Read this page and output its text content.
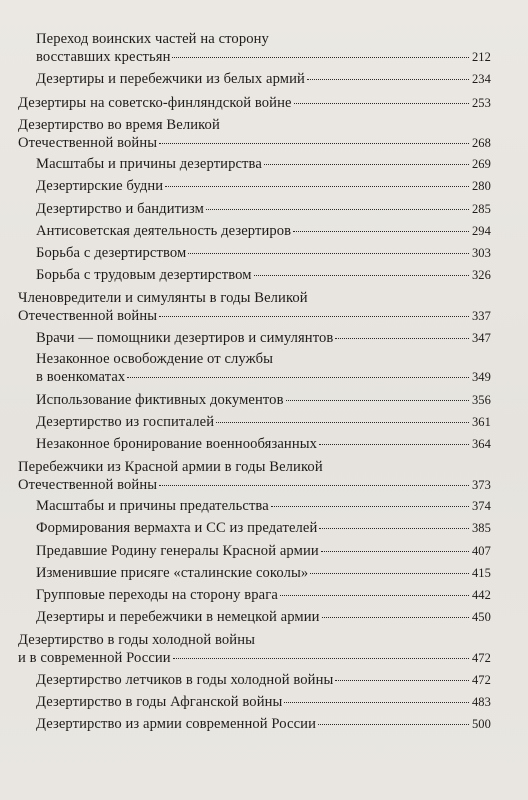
Переход воинских частей на сторону
восставших крестьян	212
Дезертиры и перебежчики из белых армий	234
Дезертиры на советско-финляндской войне	253
Дезертирство во время Великой
Отечественной войны	268
Масштабы и причины дезертирства	269
Дезертирские будни	280
Дезертирство и бандитизм	285
Антисоветская деятельность дезертиров	294
Борьба с дезертирством	303
Борьба с трудовым дезертирством	326
Членовредители и симулянты в годы Великой
Отечественной войны	337
Врачи — помощники дезертиров и симулянтов	347
Незаконное освобождение от службы
в военкоматах	349
Использование фиктивных документов	356
Дезертирство из госпиталей	361
Незаконное бронирование военнообязанных	364
Перебежчики из Красной армии в годы Великой
Отечественной войны	373
Масштабы и причины предательства	374
Формирования вермахта и СС из предателей	385
Предавшие Родину генералы Красной армии	407
Изменившие присяге «сталинские соколы»	415
Групповые переходы на сторону врага	442
Дезертиры и перебежчики в немецкой армии	450
Дезертирство в годы холодной войны
и в современной России	472
Дезертирство летчиков в годы холодной войны	472
Дезертирство в годы Афганской войны	483
Дезертирство из армии современной России	500
